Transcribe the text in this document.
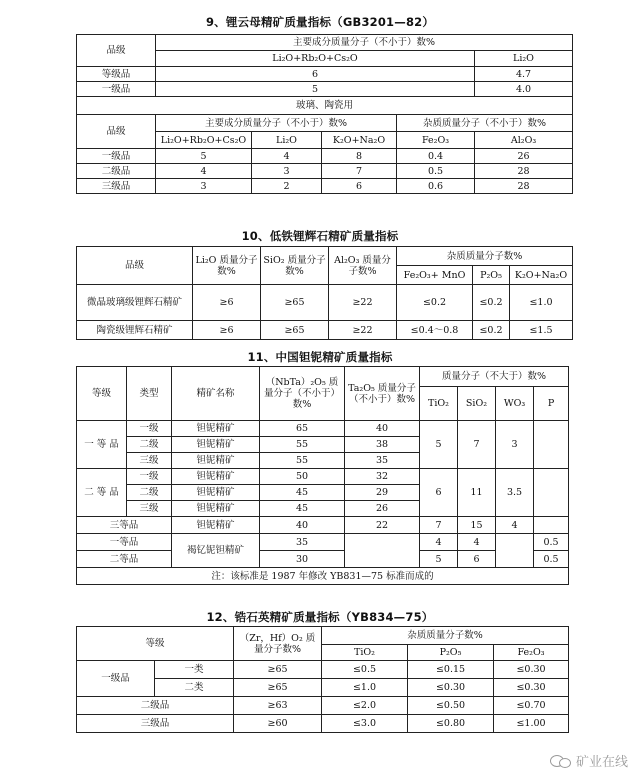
9、锂云母精矿质量指标（GB3201—82）
品级	主要成分质量分子（不小于）数%				
	Li₂O+Rb₂O+Cs₂O				Li₂O
等级品	6				4.7
一级品	5				4.0
玻璃、陶瓷用					
品级	主要成分质量分子（不小于）数%			杂质质量分子（不小于）数%	
	Li₂O+Rb₂O+Cs₂O	Li₂O	K₂O+Na₂O	Fe₂O₃	Al₂O₃
一级品	5	4	8	0.4	26
二级品	4	3	7	0.5	28
三级品	3	2	6	0.6	28
10、低铁锂辉石精矿质量指标
品级	Li₂O 质量分子数%	SiO₂ 质量分子数%	Al₂O₃ 质量分子数%	杂质质量分子数%		
				Fe₂O₃+ MnO	P₂O₅	K₂O+Na₂O
微晶玻璃级锂辉石精矿	≥6	≥65	≥22	≤0.2	≤0.2	≤1.0
陶瓷级锂辉石精矿	≥6	≥65	≥22	≤0.4～0.8	≤0.2	≤1.5
11、中国钽铌精矿质量指标
等级	类型	精矿名称	（NbTa）₂O₅ 质量分子（不小于）数%	Ta₂O₅ 质量分子（不小于）数%	质量分子（不大于）数%			
					TiO₂	SiO₂	WO₃	P
一 等 品	一级	钽铌精矿	65	40	5	7	3	
	二级	钽铌精矿	55	38				
	三级	钽铌精矿	55	35				
二 等 品	一级	钽铌精矿	50	32	6	11	3.5	
	二级	钽铌精矿	45	29				
	三级	钽铌精矿	45	26				
三等品		钽铌精矿	40	22	7	15	4	
一等品		褐钇铌钽精矿	35		4	4		0.5
二等品			30		5	6		0.5
注：该标准是 1987 年修改 YB831—75 标准而成的								
12、锆石英精矿质量指标（YB834—75）
等级		（Zr，Hf）O₂ 质量分子数%	杂质质量分子数%		
			TiO₂	P₂O₅	Fe₂O₃
一级品	一类	≥65	≤0.5	≤0.15	≤0.30
	二类	≥65	≤1.0	≤0.30	≤0.30
二级品		≥63	≤2.0	≤0.50	≤0.70
三级品		≥60	≤3.0	≤0.80	≤1.00
矿业在线
